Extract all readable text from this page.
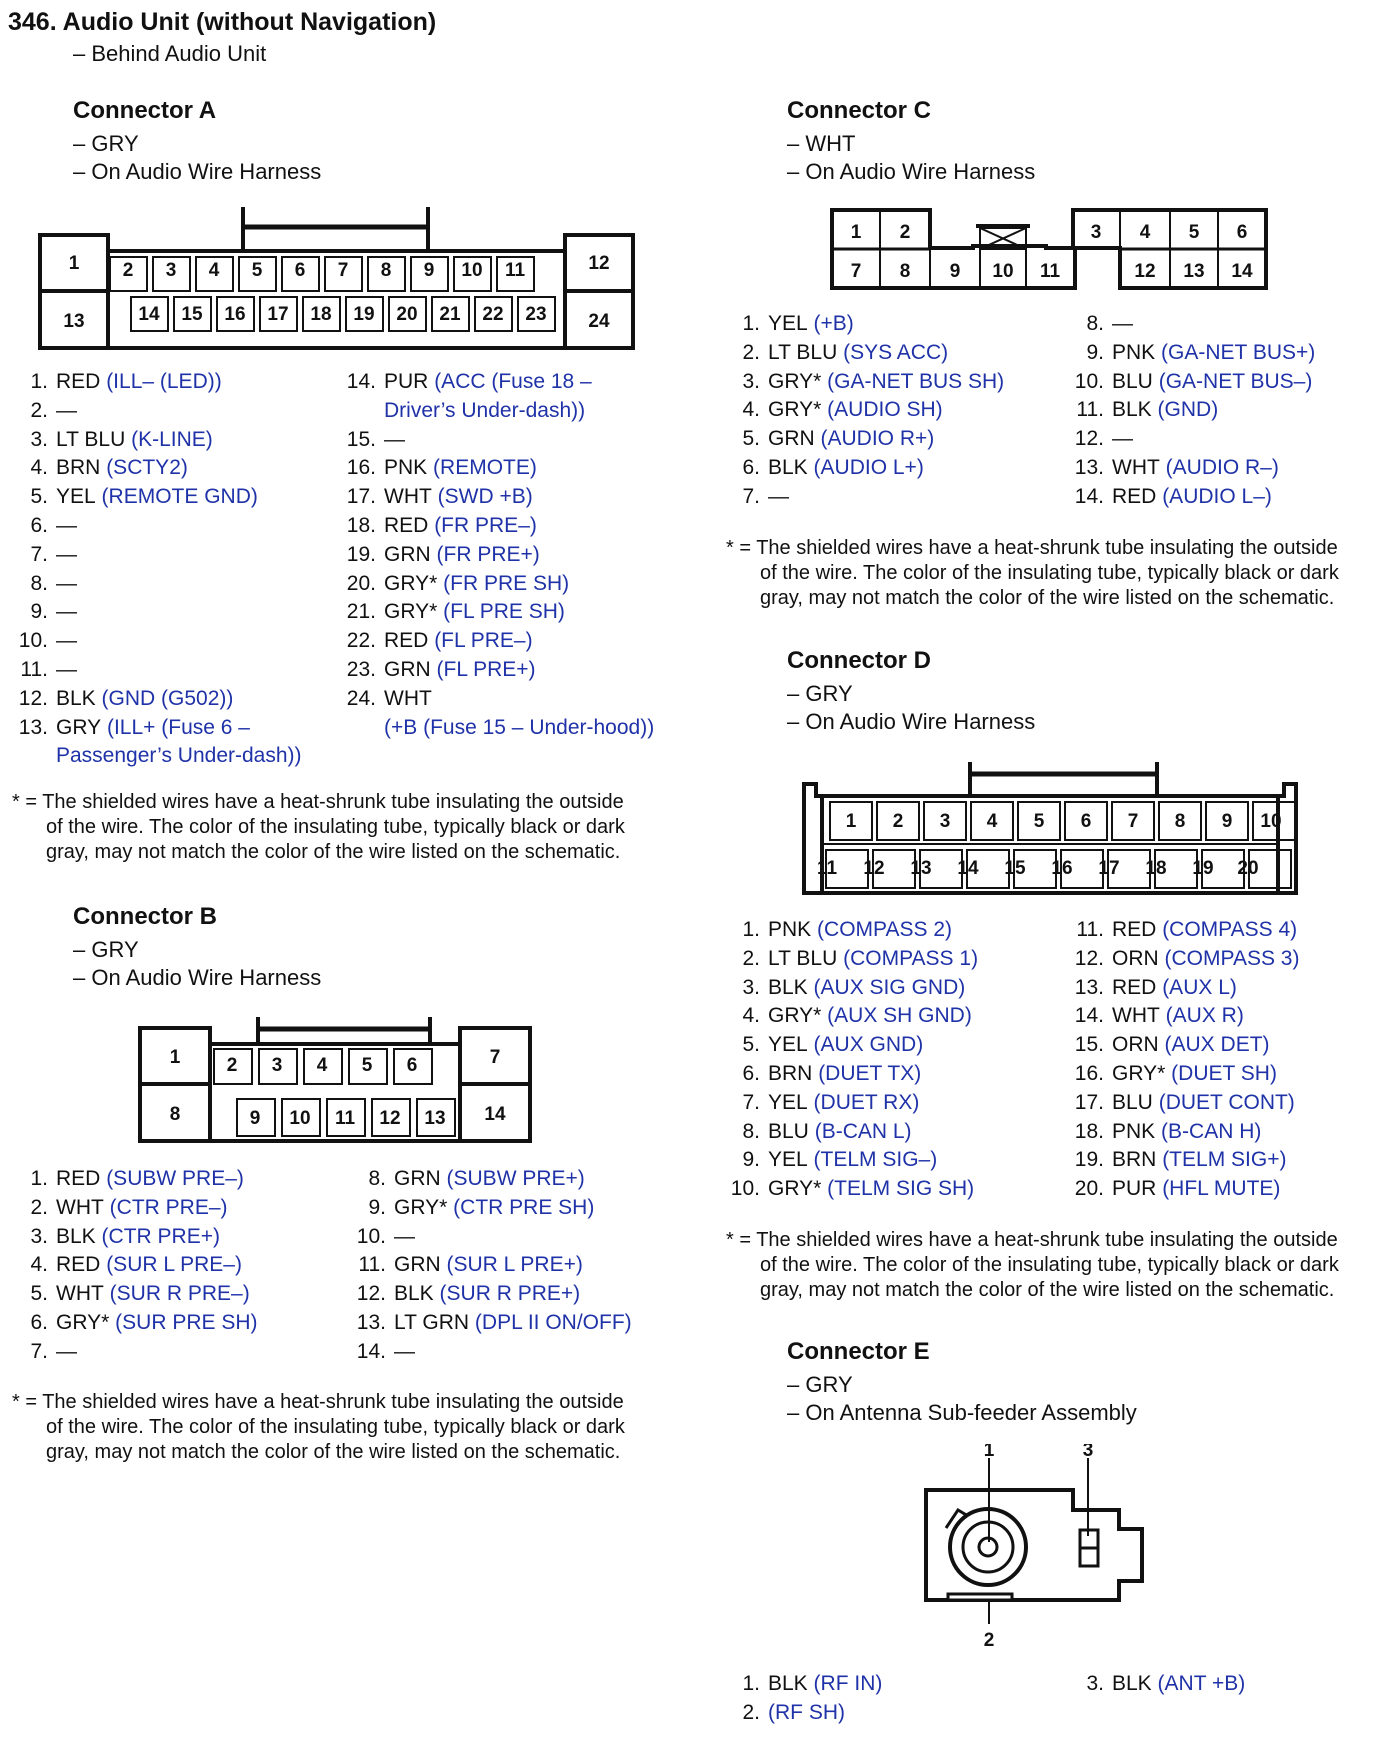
346. Audio Unit (without Navigation)
– Behind Audio Unit
Connector A
– GRY
– On Audio Wire Harness
1 2 3 4 5 6 7 8 9 10 11	12
13	14 15 16 17 18 19 20 21 22 23 24
1. RED
(ILL– (LED))
2. —
3. LT BLU
(K-LINE)
4. BRN
(SCTY2)
5. YEL
(REMOTE GND)
6. —
7. —
8. —
9. —
10. —
11. —
12. BLK
(GND (G502))
13. GRY
(ILL+ (Fuse 6 –
Passenger’s Under-dash))
14. PUR
(ACC (Fuse 18 –
Driver’s Under-dash))
15. —
16. PNK
(REMOTE)
17. WHT
(SWD +B)
18. RED
(FR PRE–)
19. GRN
(FR PRE+)
20. GRY*
(FR PRE SH)
21. GRY*
(FL PRE SH)
22. RED
(FL PRE–)
23. GRN
(FL PRE+)
24. WHT
(+B (Fuse 15 – Under-hood))
* = The shielded wires have a heat-shrunk tube insulating the outside
of the wire. The color of the insulating tube, typically black or dark
gray, may not match the color of the wire listed on the schematic.
Connector B
– GRY
– On Audio Wire Harness
1 2 3 4 5 6	7
8	9 10 11 12 13 14
1. RED
(SUBW PRE–)
2. WHT
(CTR PRE–)
3. BLK
(CTR PRE+)
4. RED
(SUR L PRE–)
5. WHT
(SUR R PRE–)
6. GRY*
(SUR PRE SH)
7. —
8. GRN
(SUBW PRE+)
9. GRY*
(CTR PRE SH)
10. —
11. GRN
(SUR L PRE+)
12. BLK
(SUR R PRE+)
13. LT GRN
(DPL II ON/OFF)
14. —
* = The shielded wires have a heat-shrunk tube insulating the outside
of the wire. The color of the insulating tube, typically black or dark
gray, may not match the color of the wire listed on the schematic.
Connector C
– WHT
– On Audio Wire Harness
1 2	3 4 5 6
7 8 9 10 11	12 13 14
1. YEL
(+B)
2. LT BLU
(SYS ACC)
3. GRY*
(GA-NET BUS SH)
4. GRY*
(AUDIO SH)
5. GRN
(AUDIO R+)
6. BLK
(AUDIO L+)
7. —
8. —
9. PNK
(GA-NET BUS+)
10. BLU
(GA-NET BUS–)
11. BLK
(GND)
12. —
13. WHT
(AUDIO R–)
14. RED
(AUDIO L–)
* = The shielded wires have a heat-shrunk tube insulating the outside
of the wire. The color of the insulating tube, typically black or dark
gray, may not match the color of the wire listed on the schematic.
Connector D
– GRY
– On Audio Wire Harness
1 2 3 4 5 6 7 8 9 10
11 12 13 14 15 16 17 18 19 20
1. PNK
(COMPASS 2)
2. LT BLU
(COMPASS 1)
3. BLK
(AUX SIG GND)
4. GRY*
(AUX SH GND)
5. YEL
(AUX GND)
6. BRN
(DUET TX)
7. YEL
(DUET RX)
8. BLU
(B-CAN L)
9. YEL
(TELM SIG–)
10. GRY*
(TELM SIG SH)
11. RED
(COMPASS 4)
12. ORN
(COMPASS 3)
13. RED
(AUX L)
14. WHT
(AUX R)
15. ORN
(AUX DET)
16. GRY*
(DUET SH)
17. BLU
(DUET CONT)
18. PNK
(B-CAN H)
19. BRN
(TELM SIG+)
20. PUR
(HFL MUTE)
* = The shielded wires have a heat-shrunk tube insulating the outside
of the wire. The color of the insulating tube, typically black or dark
gray, may not match the color of the wire listed on the schematic.
Connector E
– GRY
– On Antenna Sub-feeder Assembly
1
2
3
1. BLK
(RF IN)
2. (RF SH)
3. BLK
(ANT +B)
